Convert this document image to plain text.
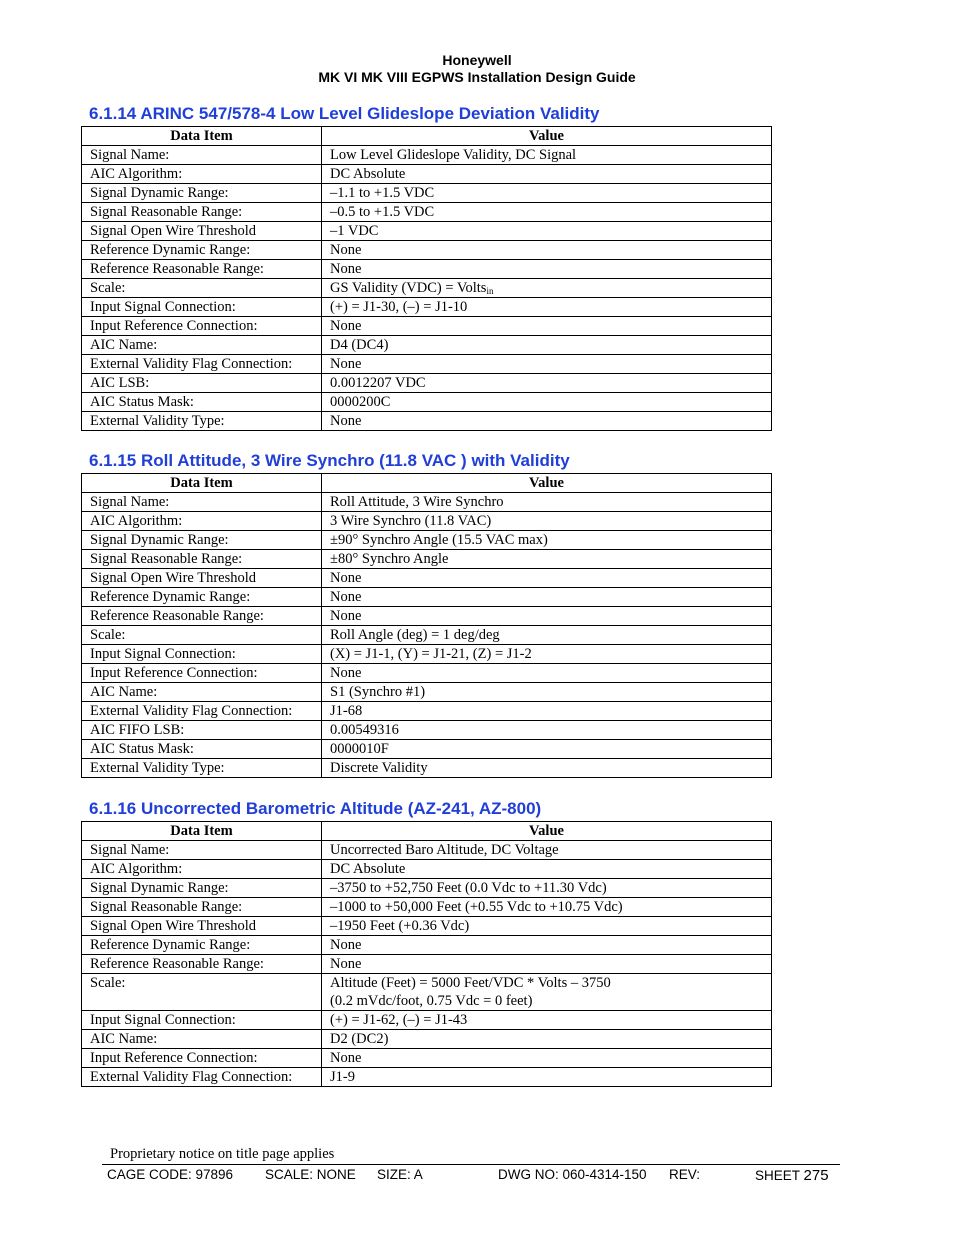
Honeywell
MK VI MK VIII EGPWS Installation Design Guide
6.1.14 ARINC 547/578-4 Low Level Glideslope Deviation Validity
Data Item	Value
Signal Name:	Low Level Glideslope Validity, DC Signal
AIC Algorithm:	DC Absolute
Signal Dynamic Range:	–1.1 to +1.5 VDC
Signal Reasonable Range:	–0.5 to +1.5 VDC
Signal Open Wire Threshold	–1 VDC
Reference Dynamic Range:	None
Reference Reasonable Range:	None
Scale:	GS Validity (VDC) = Volts$_{in}$
Input Signal Connection:	(+) = J1-30, (–) = J1-10
Input Reference Connection:	None
AIC Name:	D4 (DC4)
External Validity Flag Connection:	None
AIC LSB:	0.0012207 VDC
AIC Status Mask:	0000200C
External Validity Type:	None
6.1.15 Roll Attitude, 3 Wire Synchro (11.8 VAC ) with Validity
Data Item	Value
Signal Name:	Roll Attitude, 3 Wire Synchro
AIC Algorithm:	3 Wire Synchro (11.8 VAC)
Signal Dynamic Range:	±90° Synchro Angle (15.5 VAC max)
Signal Reasonable Range:	±80° Synchro Angle
Signal Open Wire Threshold	None
Reference Dynamic Range:	None
Reference Reasonable Range:	None
Scale:	Roll Angle (deg) = 1 deg/deg
Input Signal Connection:	(X) = J1-1, (Y) = J1-21, (Z) = J1-2
Input Reference Connection:	None
AIC Name:	S1 (Synchro #1)
External Validity Flag Connection:	J1-68
AIC FIFO LSB:	0.00549316
AIC Status Mask:	0000010F
External Validity Type:	Discrete Validity
6.1.16 Uncorrected Barometric Altitude (AZ-241, AZ-800)
Data Item	Value
Signal Name:	Uncorrected Baro Altitude, DC Voltage
AIC Algorithm:	DC Absolute
Signal Dynamic Range:	–3750 to +52,750 Feet (0.0 Vdc to +11.30 Vdc)
Signal Reasonable Range:	–1000 to +50,000 Feet (+0.55 Vdc to +10.75 Vdc)
Signal Open Wire Threshold	–1950 Feet (+0.36 Vdc)
Reference Dynamic Range:	None
Reference Reasonable Range:	None
Scale:	Altitude (Feet) = 5000 Feet/VDC * Volts – 3750
(0.2 mVdc/foot, 0.75 Vdc = 0 feet)

Input Signal Connection:	(+) = J1-62, (–) = J1-43
AIC Name:	D2 (DC2)
Input Reference Connection:	None
External Validity Flag Connection:	J1-9
Proprietary notice on title page applies
CAGE CODE: 97896 SCALE: NONE SIZE: A	DWG NO: 060-4314-150 REV:	SHEET 275
